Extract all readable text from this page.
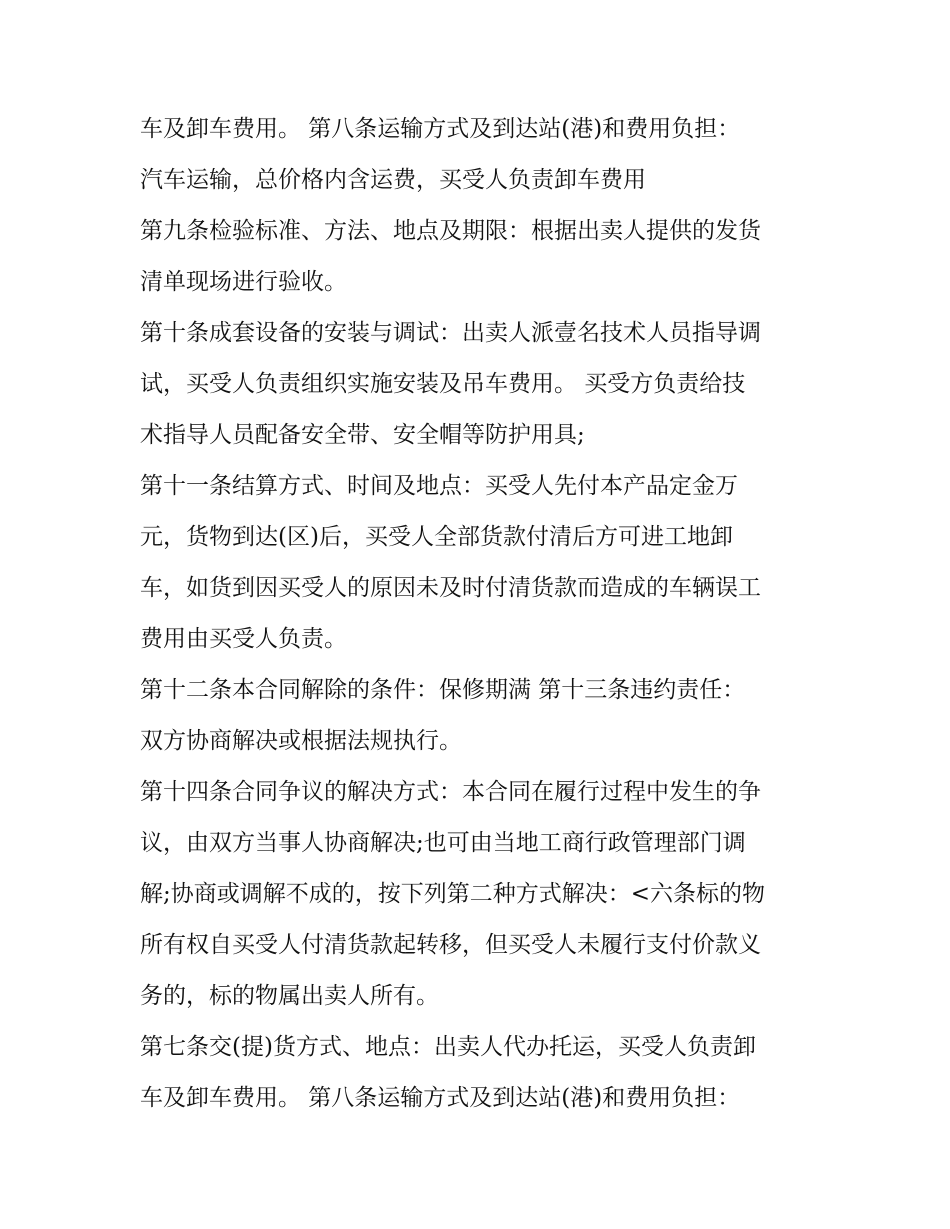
车及卸车费用。 第八条运输方式及到达站(港)和费用负担：
汽车运输，总价格内含运费，买受人负责卸车费用
第九条检验标准、方法、地点及期限：根据出卖人提供的发货
清单现场进行验收。
第十条成套设备的安装与调试：出卖人派壹名技术人员指导调
试，买受人负责组织实施安装及吊车费用。 买受方负责给技
术指导人员配备安全带、安全帽等防护用具;
第十一条结算方式、时间及地点：买受人先付本产品定金万
元，货物到达(区)后，买受人全部货款付清后方可进工地卸
车，如货到因买受人的原因未及时付清货款而造成的车辆误工
费用由买受人负责。
第十二条本合同解除的条件：保修期满 第十三条违约责任：
双方协商解决或根据法规执行。
第十四条合同争议的解决方式：本合同在履行过程中发生的争
议，由双方当事人协商解决;也可由当地工商行政管理部门调
解;协商或调解不成的，按下列第二种方式解决：<六条标的物
所有权自买受人付清货款起转移，但买受人未履行支付价款义
务的，标的物属出卖人所有。
第七条交(提)货方式、地点：出卖人代办托运，买受人负责卸
车及卸车费用。 第八条运输方式及到达站(港)和费用负担：
